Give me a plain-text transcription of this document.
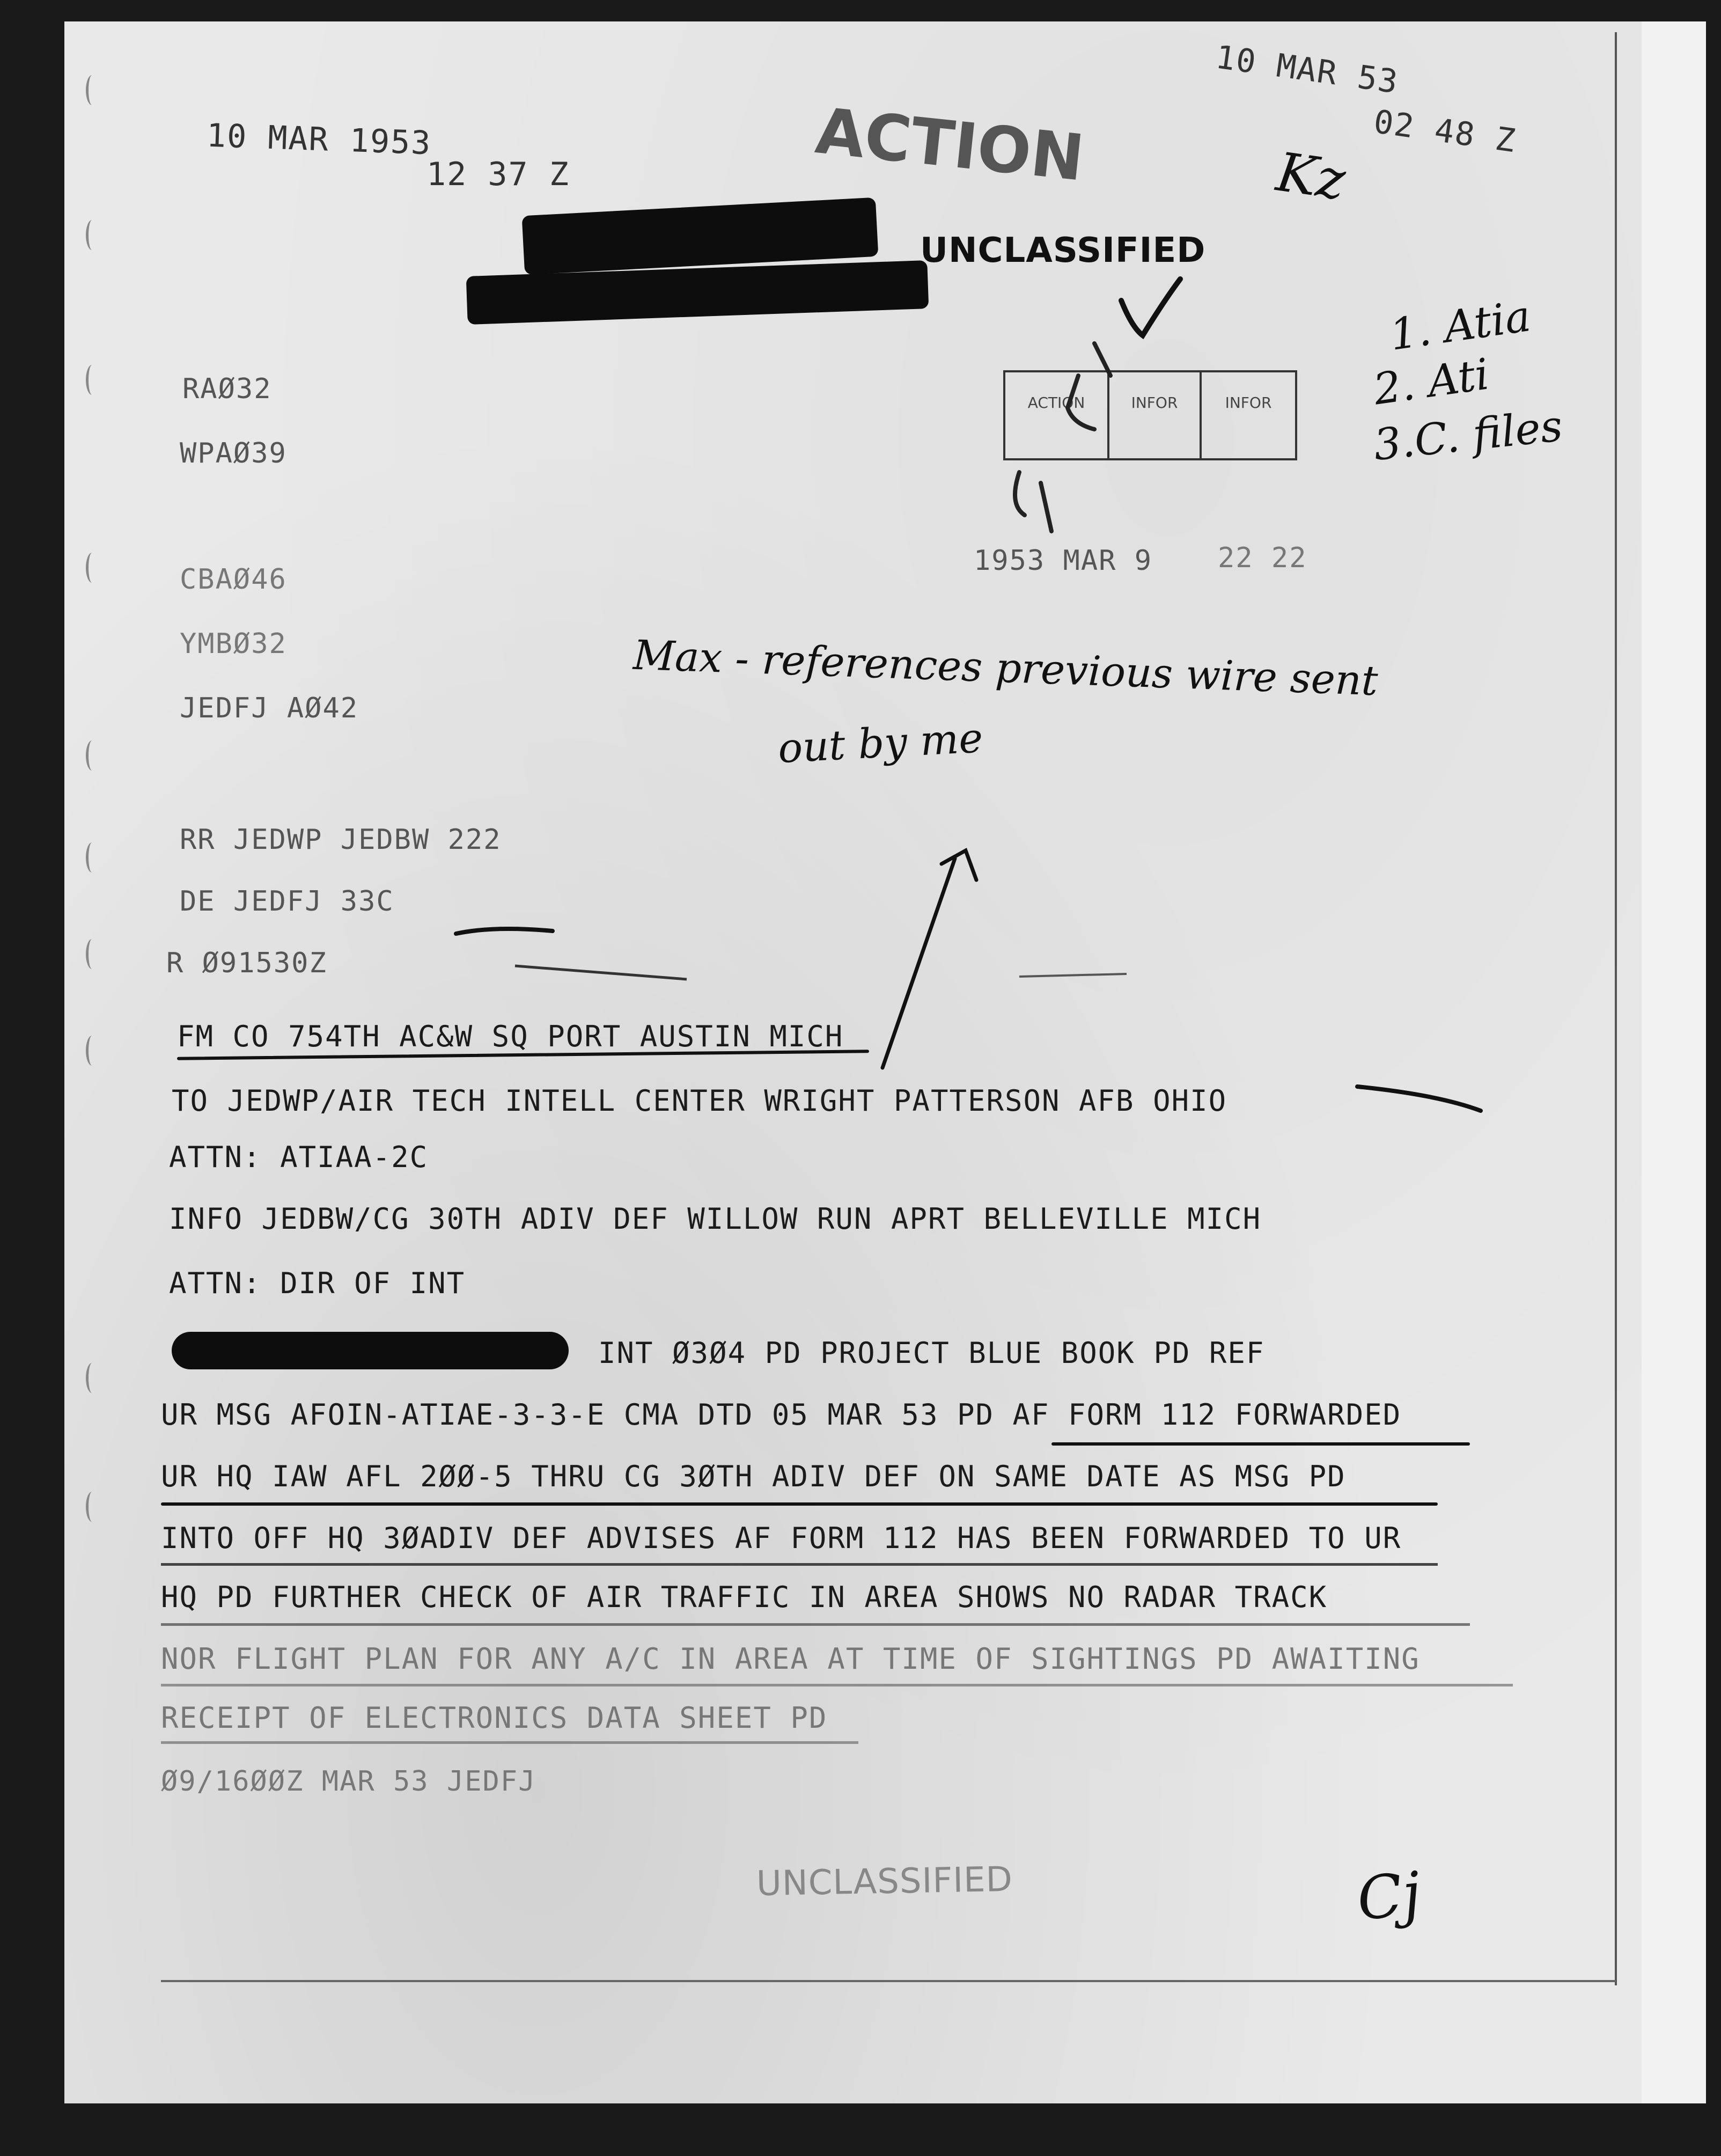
10 MAR 1953
12 37 Z
10 MAR 53
02 48 Z
ACTION
UNCLASSIFIED
ACTION	INFOR	INFOR
1953 MAR 9 22 22
RAØ32
WPAØ39
CBAØ46
YMBØ32
JEDFJ AØ42
RR JEDWP JEDBW 222
DE JEDFJ 33C
R Ø91530Z
FM CO 754TH AC&W SQ PORT AUSTIN MICH
TO JEDWP/AIR TECH INTELL CENTER WRIGHT PATTERSON AFB OHIO
ATTN: ATIAA-2C
INFO JEDBW/CG 30TH ADIV DEF WILLOW RUN APRT BELLEVILLE MICH
ATTN: DIR OF INT
INT Ø3Ø4 PD PROJECT BLUE BOOK PD REF
UR MSG AFOIN-ATIAE-3-3-E CMA DTD 05 MAR 53 PD AF FORM 112 FORWARDED
UR HQ IAW AFL 2ØØ-5 THRU CG 3ØTH ADIV DEF ON SAME DATE AS MSG PD
INTO OFF HQ 3ØADIV DEF ADVISES AF FORM 112 HAS BEEN FORWARDED TO UR
HQ PD FURTHER CHECK OF AIR TRAFFIC IN AREA SHOWS NO RADAR TRACK
NOR FLIGHT PLAN FOR ANY A/C IN AREA AT TIME OF SIGHTINGS PD AWAITING
RECEIPT OF ELECTRONICS DATA SHEET PD
Ø9/16ØØZ MAR 53 JEDFJ
UNCLASSIFIED
1. Atia
2. Ati
3.C. files
Max - references previous wire sent
out by me
Cj
Kz
